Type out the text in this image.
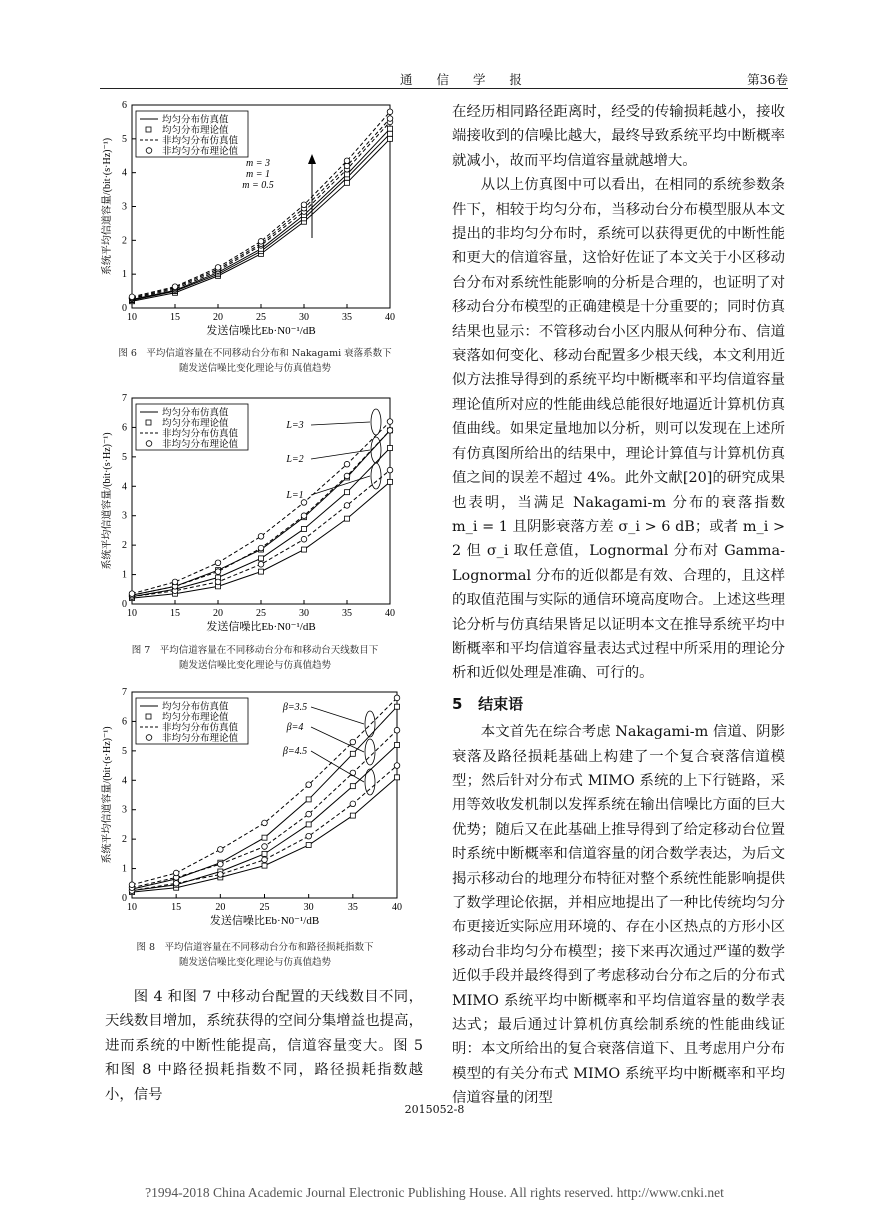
通 信 学 报	第36卷
10	15	20	25	30	35	40
0
1
2
3
4
5
6
发送信噪比Eb·N0⁻¹/dB
系统平均信道容量/(bit·(s·Hz)⁻¹)
均匀分布仿真值
均匀分布理论值
非均匀分布仿真值
非均匀分布理论值
m = 3
m = 1
m = 0.5
图 6　平均信道容量在不同移动台分布和 Nakagami 衰落系数下
随发送信噪比变化理论与仿真值趋势
10	15	20	25	30	35	40
0
1
2
3
4
5
6
7
发送信噪比Eb·N0⁻¹/dB
系统平均信道容量/(bit·(s·Hz)⁻¹)
均匀分布仿真值
均匀分布理论值
非均匀分布仿真值
非均匀分布理论值
L=3
L=2
L=1
图 7　平均信道容量在不同移动台分布和移动台天线数目下
随发送信噪比变化理论与仿真值趋势
10	15	20	25	30	35	40
0
1
2
3
4
5
6
7
发送信噪比Eb·N0⁻¹/dB
系统平均信道容量/(bit·(s·Hz)⁻¹)
均匀分布仿真值
均匀分布理论值
非均匀分布仿真值
非均匀分布理论值
β=3.5
β=4
β=4.5
图 8　平均信道容量在不同移动台分布和路径损耗指数下
随发送信噪比变化理论与仿真值趋势

图 4 和图 7 中移动台配置的天线数目不同，天线数目增加，系统获得的空间分集增益也提高，进而系统的中断性能提高，信道容量变大。图 5 和图 8 中路径损耗指数不同，路径损耗指数越小，信号

在经历相同路径距离时，经受的传输损耗越小，接收端接收到的信噪比越大，最终导致系统平均中断概率就减小，故而平均信道容量就越增大。

从以上仿真图中可以看出，在相同的系统参数条件下，相较于均匀分布，当移动台分布模型服从本文提出的非均匀分布时，系统可以获得更优的中断性能和更大的信道容量，这恰好佐证了本文关于小区移动台分布对系统性能影响的分析是合理的，也证明了对移动台分布模型的正确建模是十分重要的；同时仿真结果也显示：不管移动台小区内服从何种分布、信道衰落如何变化、移动台配置多少根天线，本文利用近似方法推导得到的系统平均中断概率和平均信道容量理论值所对应的性能曲线总能很好地逼近计算机仿真值曲线。如果定量地加以分析，则可以发现在上述所有仿真图所给出的结果中，理论计算值与计算机仿真值之间的误差不超过 4%。此外文献[20]的研究成果也表明，当满足 Nakagami-m 分布的衰落指数 m_i = 1 且阴影衰落方差 σ_i > 6 dB；或者 m_i > 2 但 σ_i 取任意值，Lognormal 分布对 Gamma-Lognormal 分布的近似都是有效、合理的，且这样的取值范围与实际的通信环境高度吻合。上述这些理论分析与仿真结果皆足以证明本文在推导系统平均中断概率和平均信道容量表达式过程中所采用的理论分析和近似处理是准确、可行的。

5 结束语

本文首先在综合考虑 Nakagami-m 信道、阴影衰落及路径损耗基础上构建了一个复合衰落信道模型；然后针对分布式 MIMO 系统的上下行链路，采用等效收发机制以发挥系统在输出信噪比方面的巨大优势；随后又在此基础上推导得到了给定移动台位置时系统中断概率和信道容量的闭合数学表达，为后文揭示移动台的地理分布特征对整个系统性能影响提供了数学理论依据，并相应地提出了一种比传统均匀分布更接近实际应用环境的、存在小区热点的方形小区移动台非均匀分布模型；接下来再次通过严谨的数学近似手段并最终得到了考虑移动台分布之后的分布式 MIMO 系统平均中断概率和平均信道容量的数学表达式；最后通过计算机仿真绘制系统的性能曲线证明：本文所给出的复合衰落信道下、且考虑用户分布模型的有关分布式 MIMO 系统平均中断概率和平均信道容量的闭型

2015052-8
?1994-2018 China Academic Journal Electronic Publishing House. All rights reserved. http://www.cnki.net
